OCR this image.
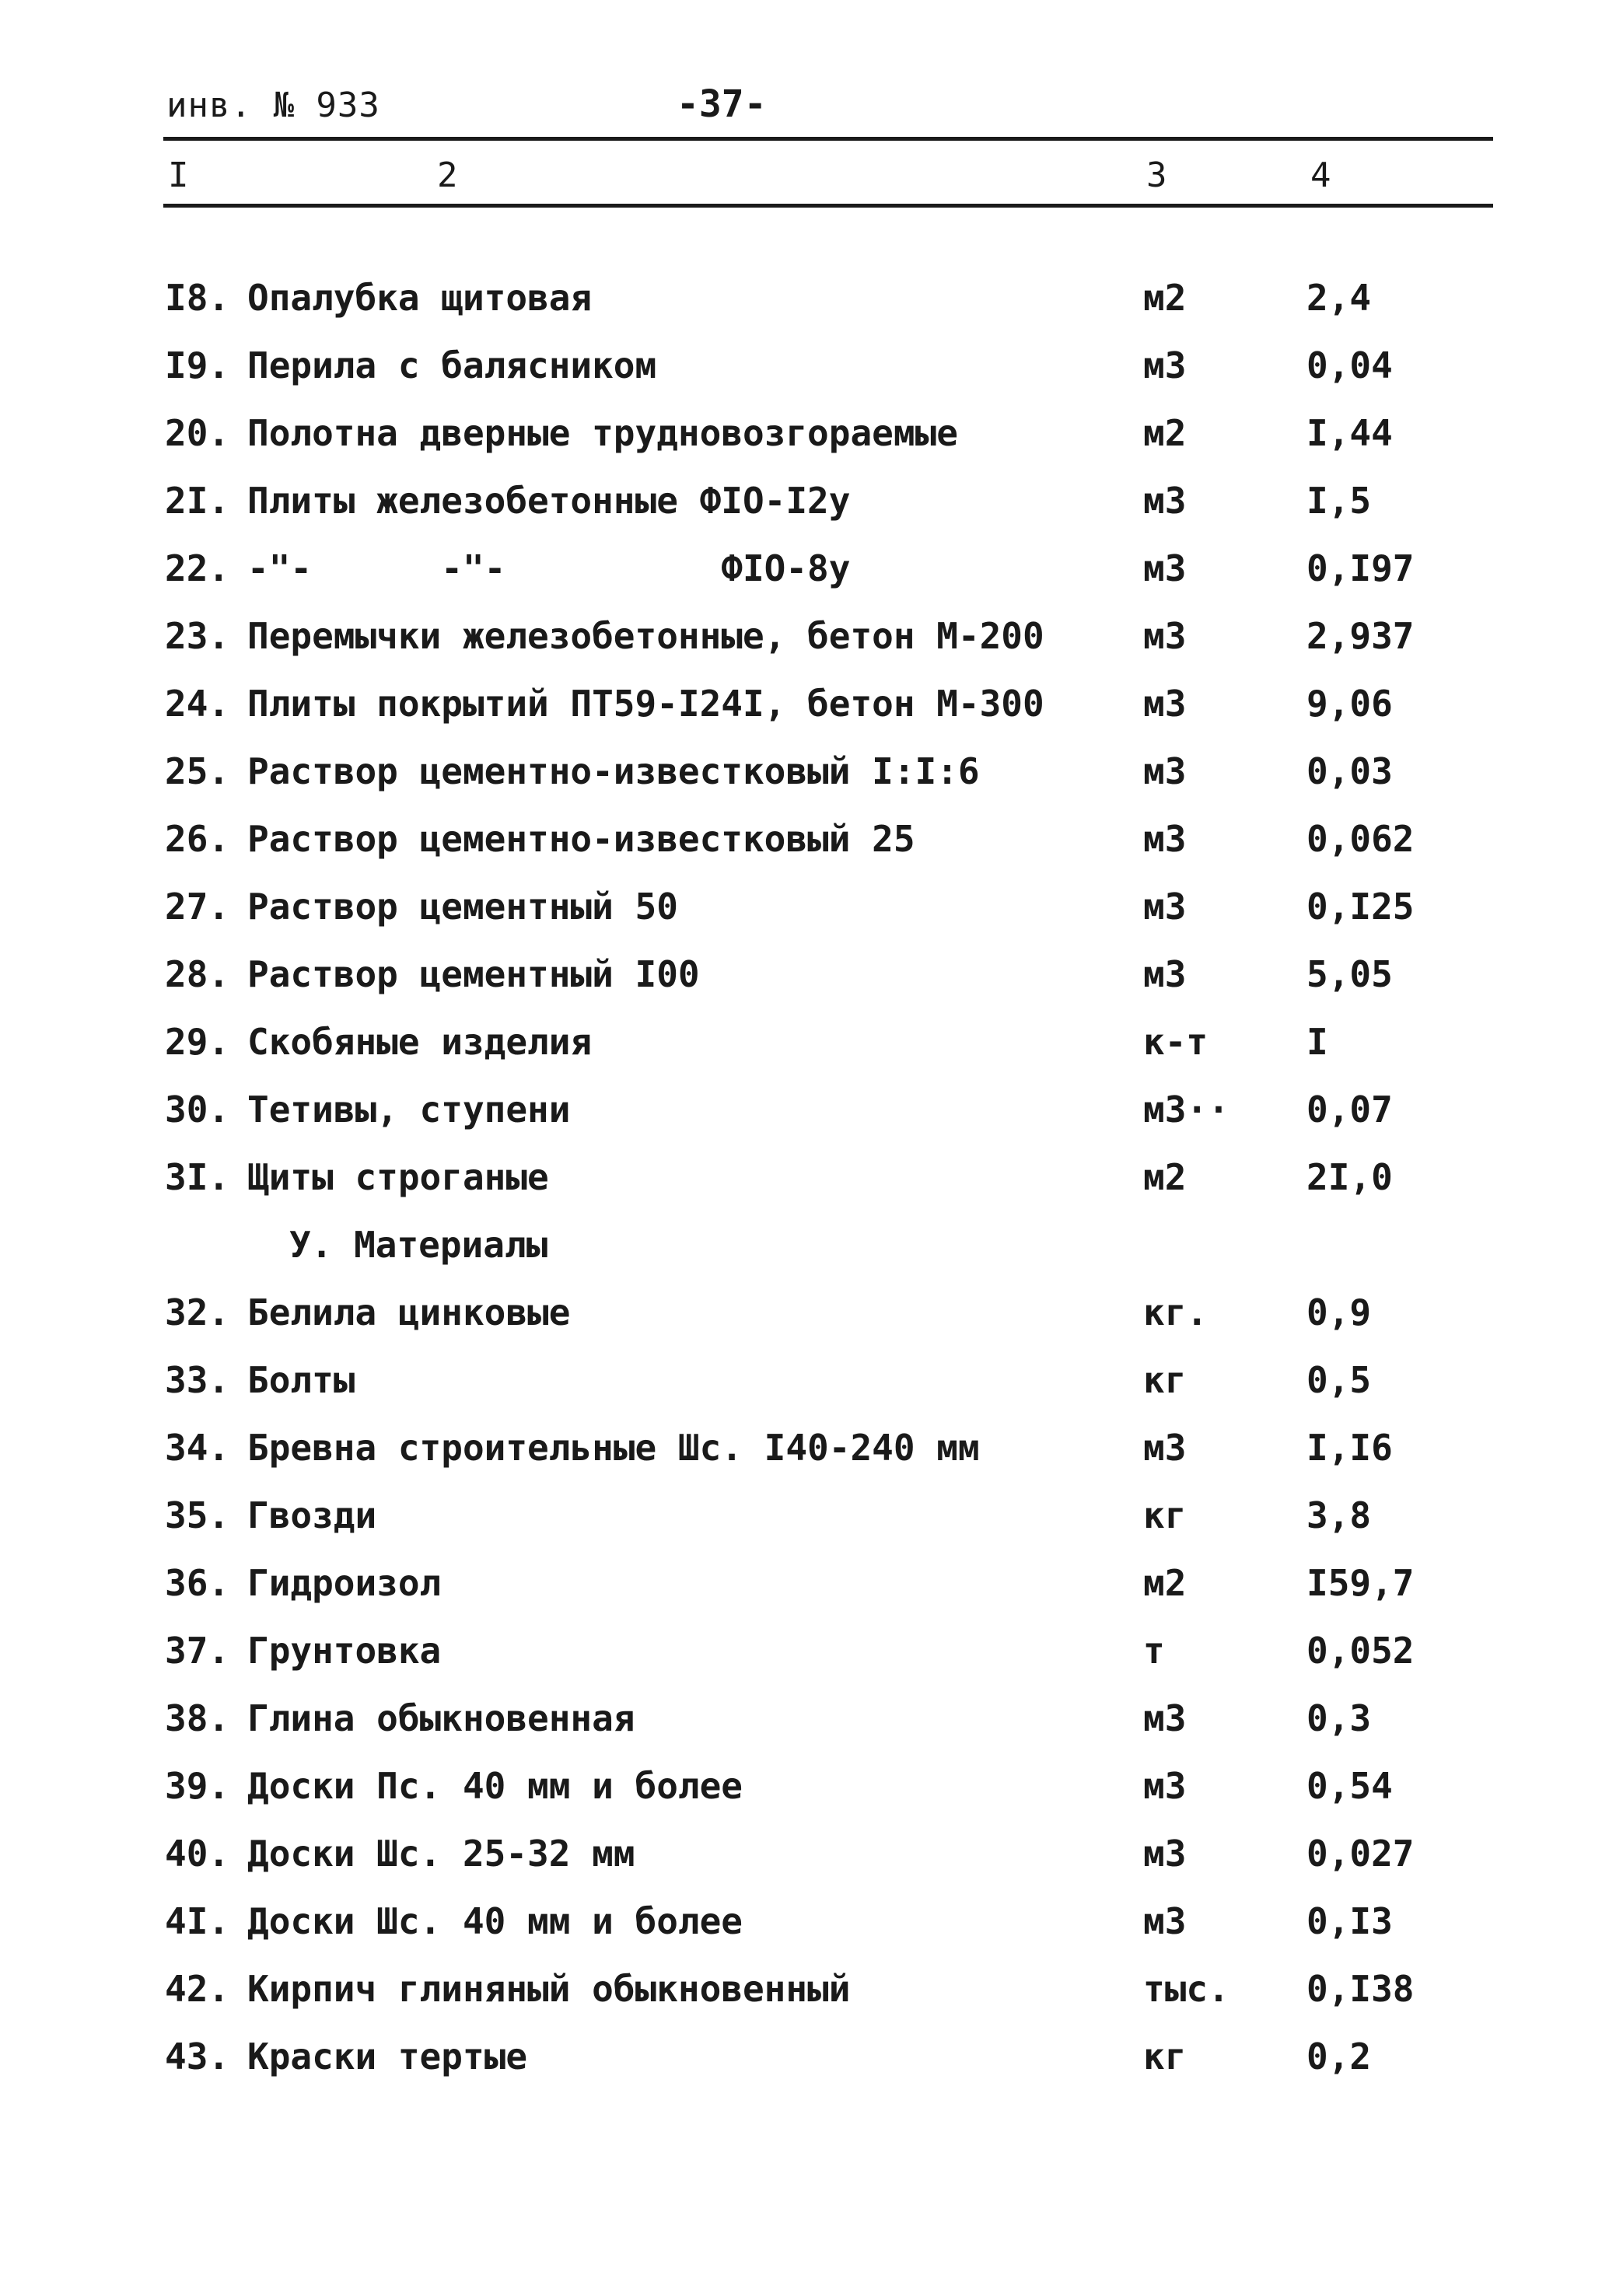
инв. № 933	-37-
I	2	3	4
I8. Опалубка щитовая	м2	2,4
I9. Перила с балясником	м3	0,04
20. Полотна дверные трудновозгораемые	м2	I,44
2I. Плиты железобетонные ФIO-I2у	м3	I,5
22. -"-      -"-          ФIO-8у	м3	0,I97
23. Перемычки железобетонные, бетон М-200	м3	2,937
24. Плиты покрытий ПТ59-I24I, бетон М-300	м3	9,06
25. Раствор цементно-известковый I:I:6	м3	0,03
26. Раствор цементно-известковый 25	м3	0,062
27. Раствор цементный 50	м3	0,I25
28. Раствор цементный I00	м3	5,05
29. Скобяные изделия	к-т	I
30. Тетивы, ступени	м3·· 0,07
3I. Щиты строганые	м2	2I,0
У. Материалы
32. Белила цинковые	кг.	0,9
33. Болты	кг	0,5
34. Бревна строительные Шс. I40-240 мм	м3	I,I6
35. Гвозди	кг	3,8
36. Гидроизол	м2	I59,7
37. Грунтовка	т	0,052
38. Глина обыкновенная	м3	0,3
39. Доски Пс. 40 мм и более	м3	0,54
40. Доски Шс. 25-32 мм	м3	0,027
4I. Доски Шс. 40 мм и более	м3	0,I3
42. Кирпич глиняный обыкновенный	тыс. 0,I38
43. Краски тертые	кг	0,2
